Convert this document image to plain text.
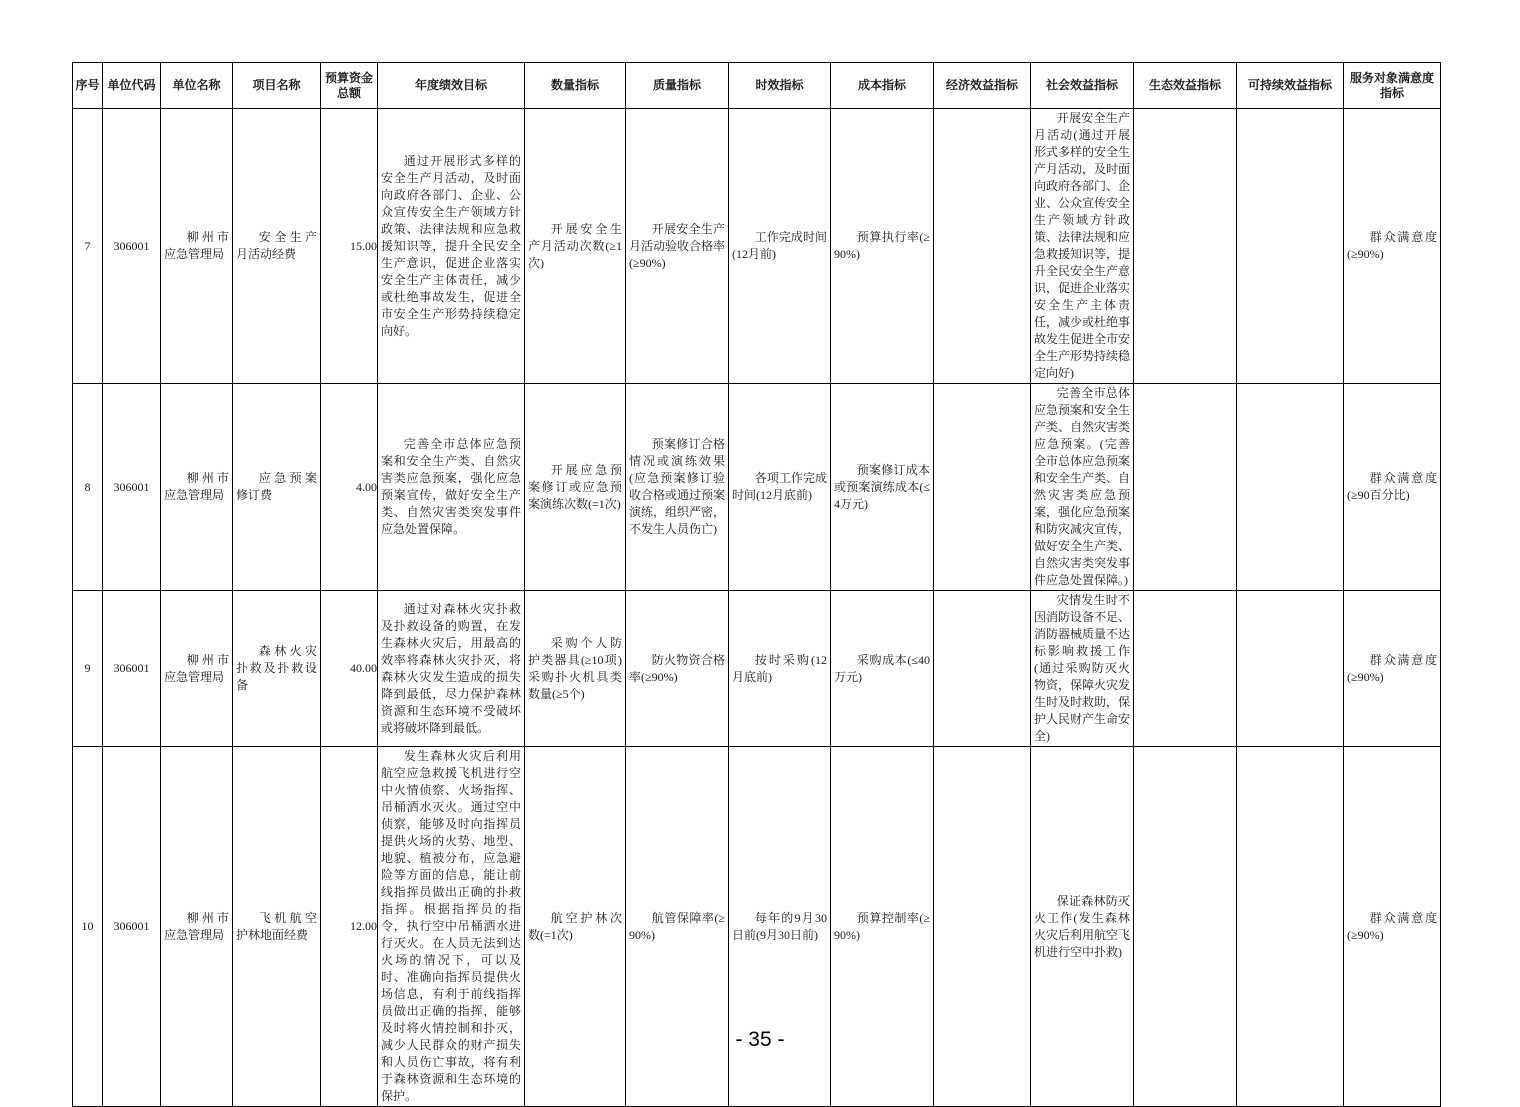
序号	单位代码	单位名称	项目名称	预算资金总额	年度绩效目标	数量指标	质量指标	时效指标	成本指标	经济效益指标	社会效益指标	生态效益指标	可持续效益指标	服务对象满意度指标
7	306001	柳州市应急管理局	安全生产月活动经费	15.00	通过开展形式多样的安全生产月活动，及时面向政府各部门、企业、公众宣传安全生产领域方针政策、法律法规和应急救援知识等，提升全民安全生产意识，促进企业落实安全生产主体责任，减少或杜绝事故发生，促进全市安全生产形势持续稳定向好。	开展安全生产月活动次数(≥1次)	开展安全生产月活动验收合格率(≥90%)	工作完成时间(12月前)	预算执行率(≥90%)		开展安全生产月活动(通过开展形式多样的安全生产月活动，及时面向政府各部门、企业、公众宣传安全生产领域方针政策、法律法规和应急救援知识等，提升全民安全生产意识，促进企业落实安全生产主体责任，减少或杜绝事故发生促进全市安全生产形势持续稳定向好)			群众满意度(≥90%)

8	306001	柳州市应急管理局	应急预案修订费	4.00	完善全市总体应急预案和安全生产类、自然灾害类应急预案，强化应急预案宣传，做好安全生产类、自然灾害类突发事件应急处置保障。	开展应急预案修订或应急预案演练次数(=1次)	预案修订合格情况或演练效果(应急预案修订验收合格或通过预案演练，组织严密，不发生人员伤亡)	各项工作完成时间(12月底前)	预案修订成本或预案演练成本(≤4万元)		完善全市总体应急预案和安全生产类、自然灾害类应急预案。(完善全市总体应急预案和安全生产类、自然灾害类应急预案，强化应急预案和防灾减灾宣传，做好安全生产类、自然灾害类突发事件应急处置保障。)			群众满意度(≥90百分比)

9	306001	柳州市应急管理局	森林火灾扑救及扑救设备	40.00	通过对森林火灾扑救及扑救设备的购置，在发生森林火灾后，用最高的效率将森林火灾扑灭，将森林火灾发生造成的损失降到最低，尽力保护森林资源和生态环境不受破坏或将破坏降到最低。	采购个人防护类器具(≥10项) 采购扑火机具类数量(≥5个)	防火物资合格率(≥90%)	按时采购(12月底前)	采购成本(≤40万元)		灾情发生时不因消防设备不足、消防器械质量不达标影响救援工作(通过采购防灭火物资，保障火灾发生时及时救助，保护人民财产生命安全)			群众满意度(≥90%)

10	306001	柳州市应急管理局	飞机航空护林地面经费	12.00	发生森林火灾后利用航空应急救援飞机进行空中火情侦察、火场指挥、吊桶洒水灭火。通过空中侦察，能够及时向指挥员提供火场的火势、地型、地貌、植被分布，应急避险等方面的信息，能让前线指挥员做出正确的扑救指挥。根据指挥员的指令，执行空中吊桶洒水进行灭火。在人员无法到达火场的情况下，可以及时、准确向指挥员提供火场信息，有利于前线指挥员做出正确的指挥，能够及时将火情控制和扑灭，减少人民群众的财产损失和人员伤亡事故，将有利于森林资源和生态环境的保护。	航空护林次数(=1次)	航管保障率(≥90%)	每年的9月30日前(9月30日前)	预算控制率(≥90%)		保证森林防灭火工作(发生森林火灾后利用航空飞机进行空中扑救)			群众满意度(≥90%)
- 35 -
